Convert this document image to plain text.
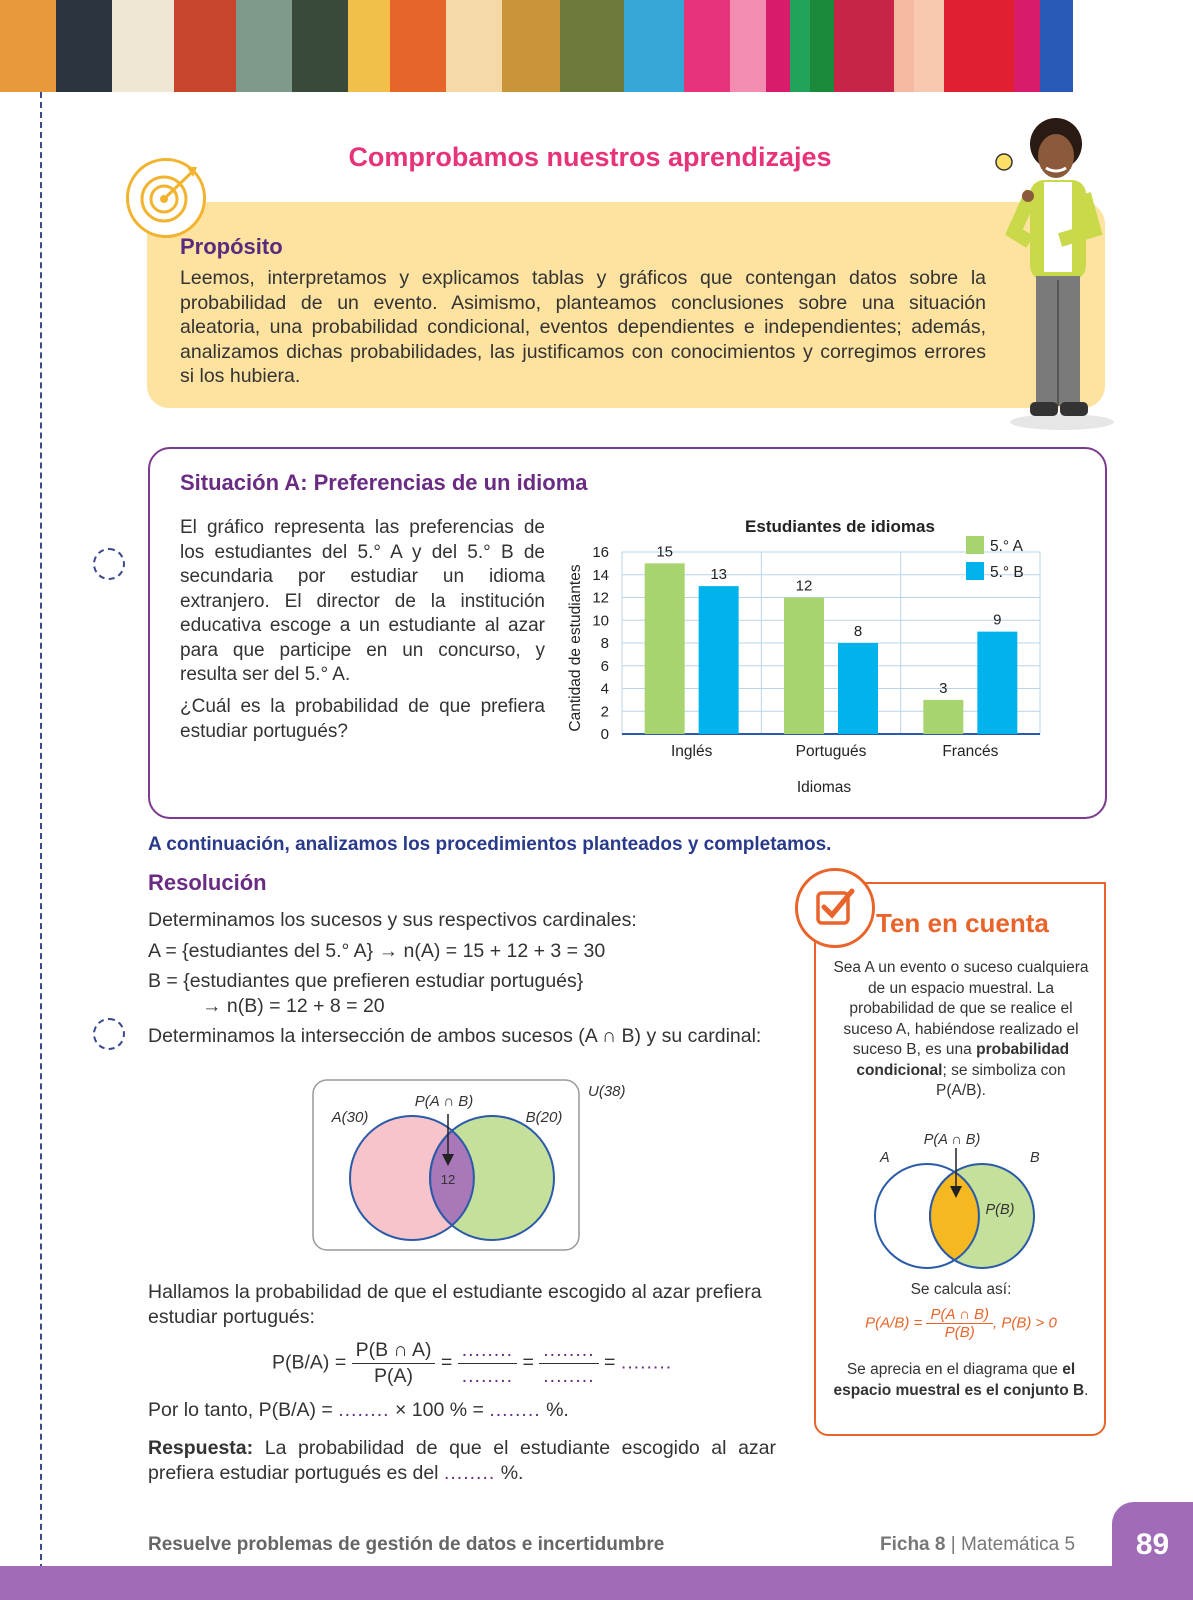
Comprobamos nuestros aprendizajes
Propósito
Leemos, interpretamos y explicamos tablas y gráficos que contengan datos sobre la probabilidad de un evento. Asimismo, planteamos conclusiones sobre una situación aleatoria, una probabilidad condicional, eventos dependientes e independientes; además, analizamos dichas probabilidades, las justificamos con conocimientos y corregimos errores si los hubiera.
Situación A: Preferencias de un idioma
El gráfico representa las preferencias de los estudiantes del 5.° A y del 5.° B de secundaria por estudiar un idioma extranjero. El director de la institución educativa escoge a un estudiante al azar para que participe en un concurso, y resulta ser del 5.° A.
¿Cuál es la probabilidad de que prefiera estudiar portugués?
Estudiantes de idiomas
Cantidad de estudiantes
Idiomas
0
2
4
6
8
10
12
14
16	15
13
Inglés
12
8
Portugués
3
9
Francés
5.° A
5.° B
A continuación, analizamos los procedimientos planteados y completamos.
Resolución
Determinamos los sucesos y sus respectivos cardinales:
A = {estudiantes del 5.° A} → n(A) = 15 + 12 + 3 = 30
B = {estudiantes que prefieren estudiar portugués}
→ n(B) = 12 + 8 = 20
Determinamos la intersección de ambos sucesos (A ∩ B) y su cardinal:
P(A ∩ B)
A(30)	B(20)
U(38)
12
Hallamos la probabilidad de que el estudiante escogido al azar prefiera estudiar portugués:
$P(B/A) = \frac{P(B \cap A)}{P(A)} = \frac{........}{........} = \frac{........}{........}$ = ........
Por lo tanto, P(B/A) = ........ × 100 % = ........ %.
Respuesta: La probabilidad de que el estudiante escogido al azar prefiera estudiar portugués es del ........ %.
Ten en cuenta
Sea A un evento o suceso cualquiera de un espacio muestral. La probabilidad de que se realice el suceso A, habiéndose realizado el suceso B, es una probabilidad condicional; se simboliza con P(A/B).
P(A ∩ B)
A	B
P(B)
Se calcula así:
$P(A/B) = \frac{P(A \cap B)}{P(B)}$ , P(B) > 0
Se aprecia en el diagrama que el espacio muestral es el conjunto B.
Resuelve problemas de gestión de datos e incertidumbre	Ficha 8 | Matemática 5	89
